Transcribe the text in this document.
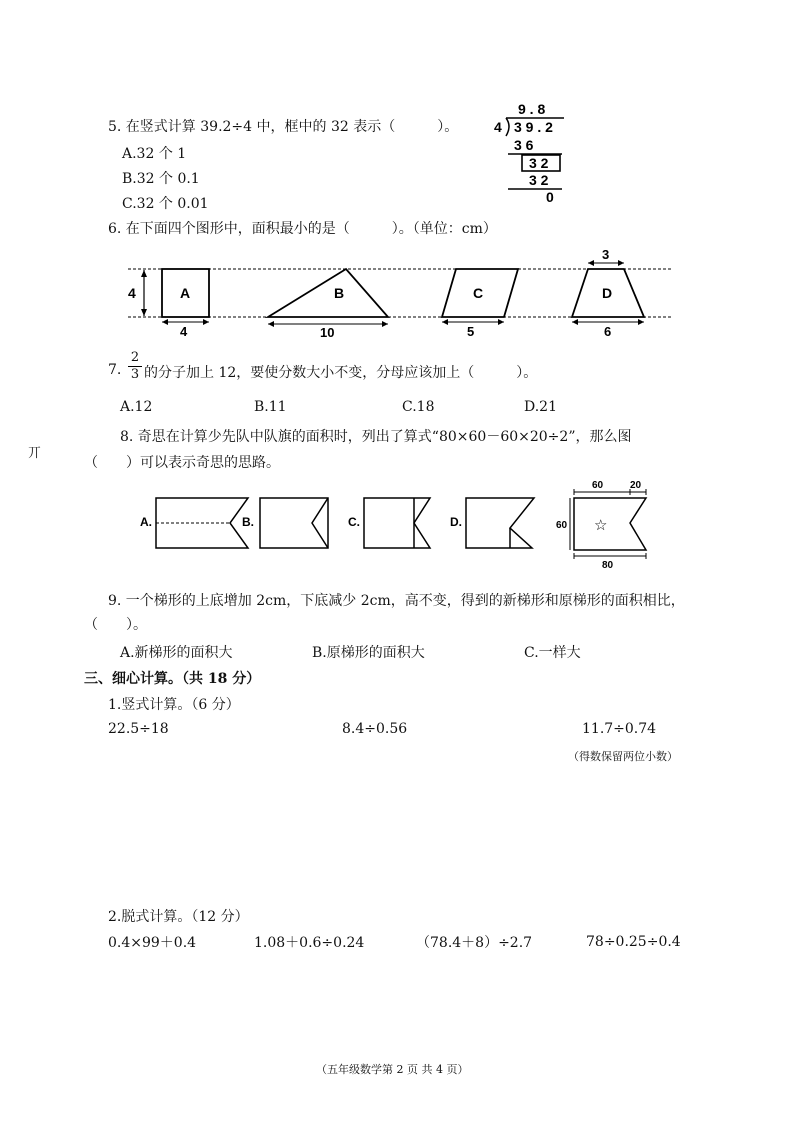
5. 在竖式计算 39.2÷4 中，框中的 32 表示（　　　）。
A.32 个 1
B.32 个 0.1
C.32 个 0.01
9 . 8
4 3 9 . 2
3 6
3 2
3 2
0
6. 在下面四个图形中，面积最小的是（　　　）。（单位：cm）
4	A
4
B
10
C
5
D
3
6
7. $\frac{2}{3}$ 的分子加上 12，要使分数大小不变，分母应该加上（　　　）。
A.12	B.11	C.18	D.21
丌
8. 奇思在计算少先队中队旗的面积时，列出了算式“80×60－60×20÷2”，那么图
（　　）可以表示奇思的思路。
A.	B.	C.	D.
60	20
60 ☆
80
9. 一个梯形的上底增加 2cm，下底减少 2cm，高不变，得到的新梯形和原梯形的面积相比，
（　　）。
A.新梯形的面积大	B.原梯形的面积大	C.一样大
三、细心计算。（共 18 分）
1.竖式计算。（6 分）
22.5÷18	8.4÷0.56	11.7÷0.74
（得数保留两位小数）
2.脱式计算。（12 分）
0.4×99＋0.4	1.08＋0.6÷0.24	（78.4＋8）÷2.7	78÷0.25÷0.4
（五年级数学第 2 页 共 4 页）
